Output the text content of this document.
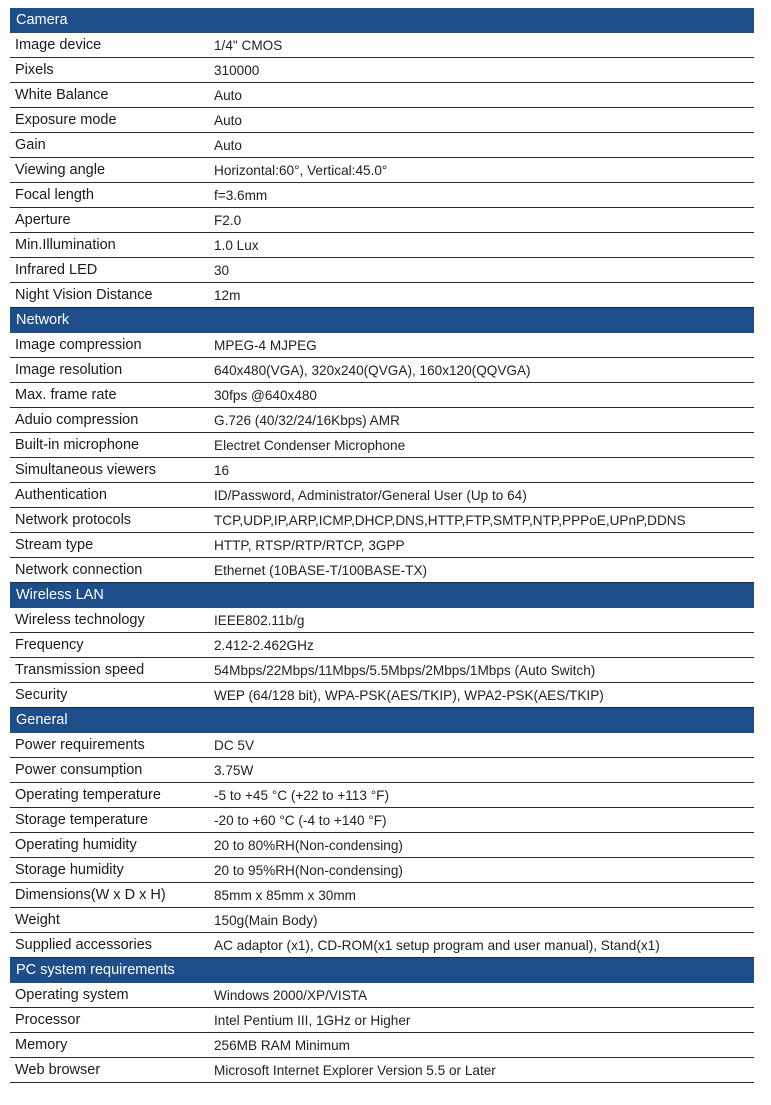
Camera
Image device	1/4" CMOS
Pixels	310000
White Balance	Auto
Exposure mode	Auto
Gain	Auto
Viewing angle	Horizontal:60°, Vertical:45.0°
Focal length	f=3.6mm
Aperture	F2.0
Min.Illumination	1.0 Lux
Infrared LED	30
Night Vision Distance	12m
Network
Image compression	MPEG-4 MJPEG
Image resolution	640x480(VGA), 320x240(QVGA), 160x120(QQVGA)
Max. frame rate	30fps @640x480
Aduio compression	G.726 (40/32/24/16Kbps) AMR
Built-in microphone	Electret Condenser Microphone
Simultaneous viewers	16
Authentication	ID/Password, Administrator/General User (Up to 64)
Network protocols	TCP,UDP,IP,ARP,ICMP,DHCP,DNS,HTTP,FTP,SMTP,NTP,PPPoE,UPnP,DDNS
Stream type	HTTP, RTSP/RTP/RTCP, 3GPP
Network connection	Ethernet (10BASE-T/100BASE-TX)
Wireless LAN
Wireless technology	IEEE802.11b/g
Frequency	2.412-2.462GHz
Transmission speed	54Mbps/22Mbps/11Mbps/5.5Mbps/2Mbps/1Mbps (Auto Switch)
Security	WEP (64/128 bit), WPA-PSK(AES/TKIP), WPA2-PSK(AES/TKIP)
General
Power requirements	DC 5V
Power consumption	3.75W
Operating temperature	-5 to +45 °C (+22 to +113 °F)
Storage temperature	-20 to +60 °C (-4 to +140 °F)
Operating humidity	20 to 80%RH(Non-condensing)
Storage humidity	20 to 95%RH(Non-condensing)
Dimensions(W x D x H)	85mm x 85mm x 30mm
Weight	150g(Main Body)
Supplied accessories	AC adaptor (x1), CD-ROM(x1 setup program and user manual), Stand(x1)
PC system requirements
Operating system	Windows 2000/XP/VISTA
Processor	Intel Pentium III, 1GHz or Higher
Memory	256MB RAM Minimum
Web browser	Microsoft Internet Explorer Version 5.5 or Later
